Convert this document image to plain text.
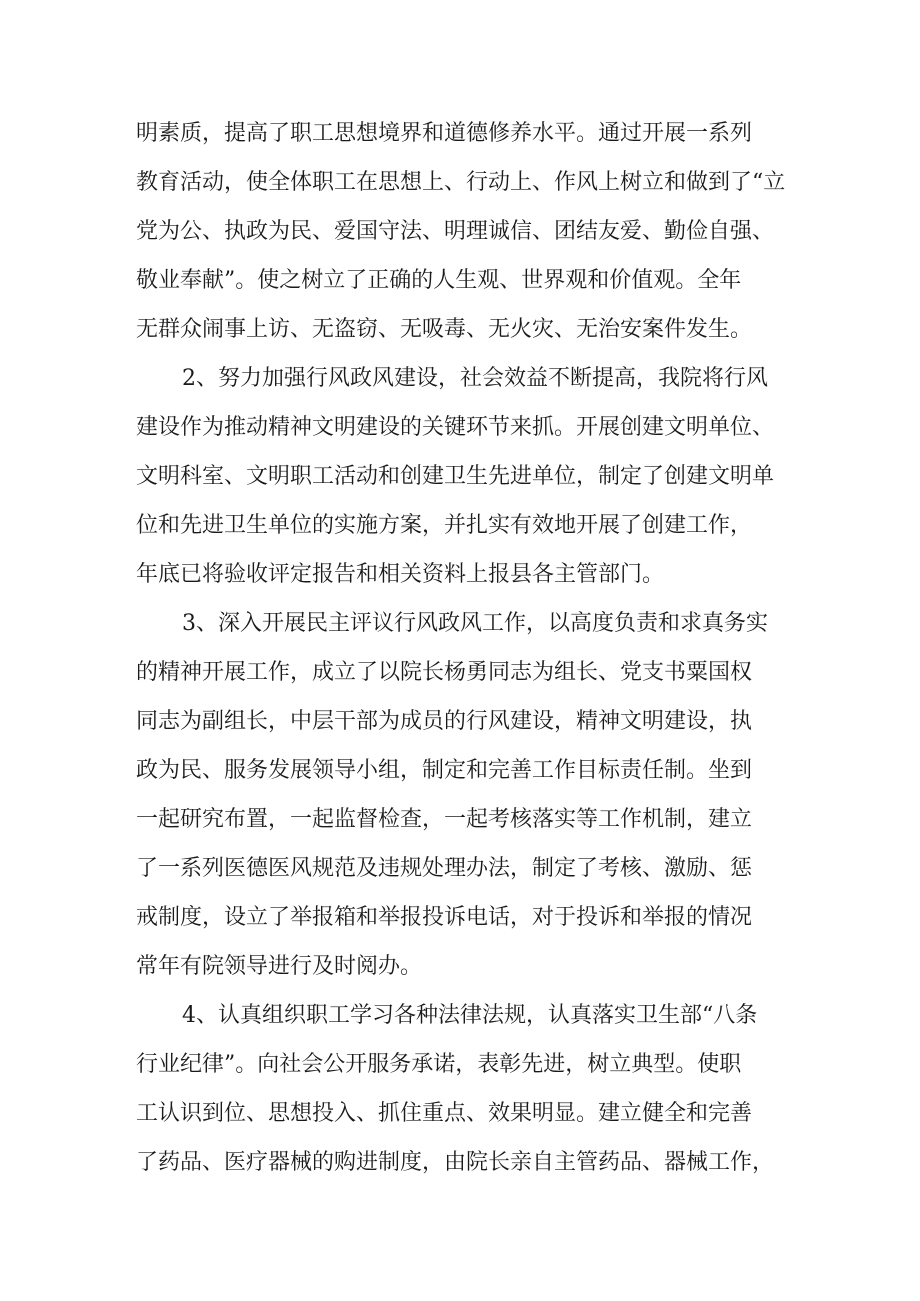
明素质，提高了职工思想境界和道德修养水平。通过开展一系列
教育活动，使全体职工在思想上、行动上、作风上树立和做到了“立
党为公、执政为民、爱国守法、明理诚信、团结友爱、勤俭自强、
敬业奉献”。使之树立了正确的人生观、世界观和价值观。全年
无群众闹事上访、无盗窃、无吸毒、无火灾、无治安案件发生。
2、努力加强行风政风建设，社会效益不断提高，我院将行风
建设作为推动精神文明建设的关键环节来抓。开展创建文明单位、
文明科室、文明职工活动和创建卫生先进单位，制定了创建文明单
位和先进卫生单位的实施方案，并扎实有效地开展了创建工作，
年底已将验收评定报告和相关资料上报县各主管部门。
3、深入开展民主评议行风政风工作，以高度负责和求真务实
的精神开展工作，成立了以院长杨勇同志为组长、党支书粟国权
同志为副组长，中层干部为成员的行风建设，精神文明建设，执
政为民、服务发展领导小组，制定和完善工作目标责任制。坐到
一起研究布置，一起监督检查，一起考核落实等工作机制，建立
了一系列医德医风规范及违规处理办法，制定了考核、激励、惩
戒制度，设立了举报箱和举报投诉电话，对于投诉和举报的情况
常年有院领导进行及时阅办。
4、认真组织职工学习各种法律法规，认真落实卫生部“八条
行业纪律”。向社会公开服务承诺，表彰先进，树立典型。使职
工认识到位、思想投入、抓住重点、效果明显。建立健全和完善
了药品、医疗器械的购进制度，由院长亲自主管药品、器械工作，
